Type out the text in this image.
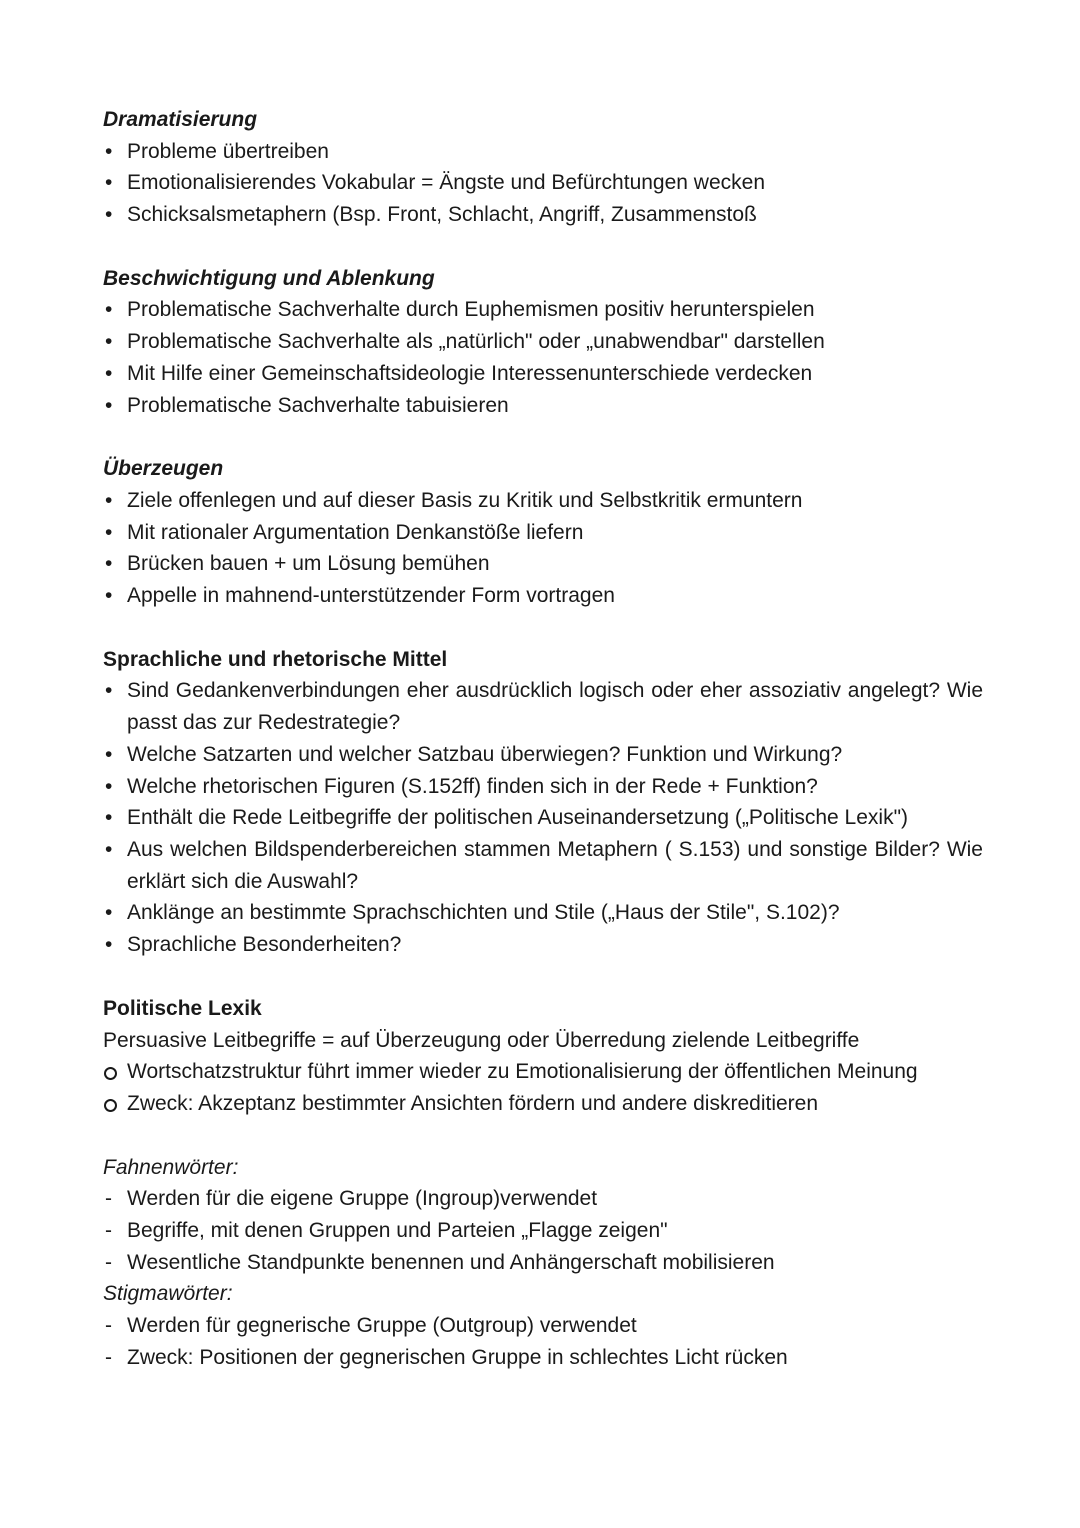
Dramatisierung

• Probleme übertreiben
• Emotionalisierendes Vokabular = Ängste und Befürchtungen wecken
• Schicksalsmetaphern (Bsp. Front, Schlacht, Angriff, Zusammenstoß

Beschwichtigung und Ablenkung

• Problematische Sachverhalte durch Euphemismen positiv herunterspielen
• Problematische Sachverhalte als „natürlich" oder „unabwendbar" darstellen
• Mit Hilfe einer Gemeinschaftsideologie Interessenunterschiede verdecken
• Problematische Sachverhalte tabuisieren

Überzeugen

• Ziele offenlegen und auf dieser Basis zu Kritik und Selbstkritik ermuntern
• Mit rationaler Argumentation Denkanstöße liefern
• Brücken bauen + um Lösung bemühen
• Appelle in mahnend-unterstützender Form vortragen

Sprachliche und rhetorische Mittel

• Sind Gedankenverbindungen eher ausdrücklich logisch oder eher assoziativ angelegt? Wie passt das zur Redestrategie?
• Welche Satzarten und welcher Satzbau überwiegen? Funktion und Wirkung?
• Welche rhetorischen Figuren (S.152ff) finden sich in der Rede + Funktion?
• Enthält die Rede Leitbegriffe der politischen Auseinandersetzung („Politische Lexik")
• Aus welchen Bildspenderbereichen stammen Metaphern ( S.153) und sonstige Bilder? Wie erklärt sich die Auswahl?
• Anklänge an bestimmte Sprachschichten und Stile („Haus der Stile", S.102)?
• Sprachliche Besonderheiten?

Politische Lexik

Persuasive Leitbegriffe = auf Überzeugung oder Überredung zielende Leitbegriffe

Wortschatzstruktur führt immer wieder zu Emotionalisierung der öffentlichen Meinung
Zweck: Akzeptanz bestimmter Ansichten fördern und andere diskreditieren

Fahnenwörter:

- Werden für die eigene Gruppe (Ingroup)verwendet
- Begriffe, mit denen Gruppen und Parteien „Flagge zeigen"
- Wesentliche Standpunkte benennen und Anhängerschaft mobilisieren

Stigmawörter:

- Werden für gegnerische Gruppe (Outgroup) verwendet
- Zweck: Positionen der gegnerischen Gruppe in schlechtes Licht rücken
